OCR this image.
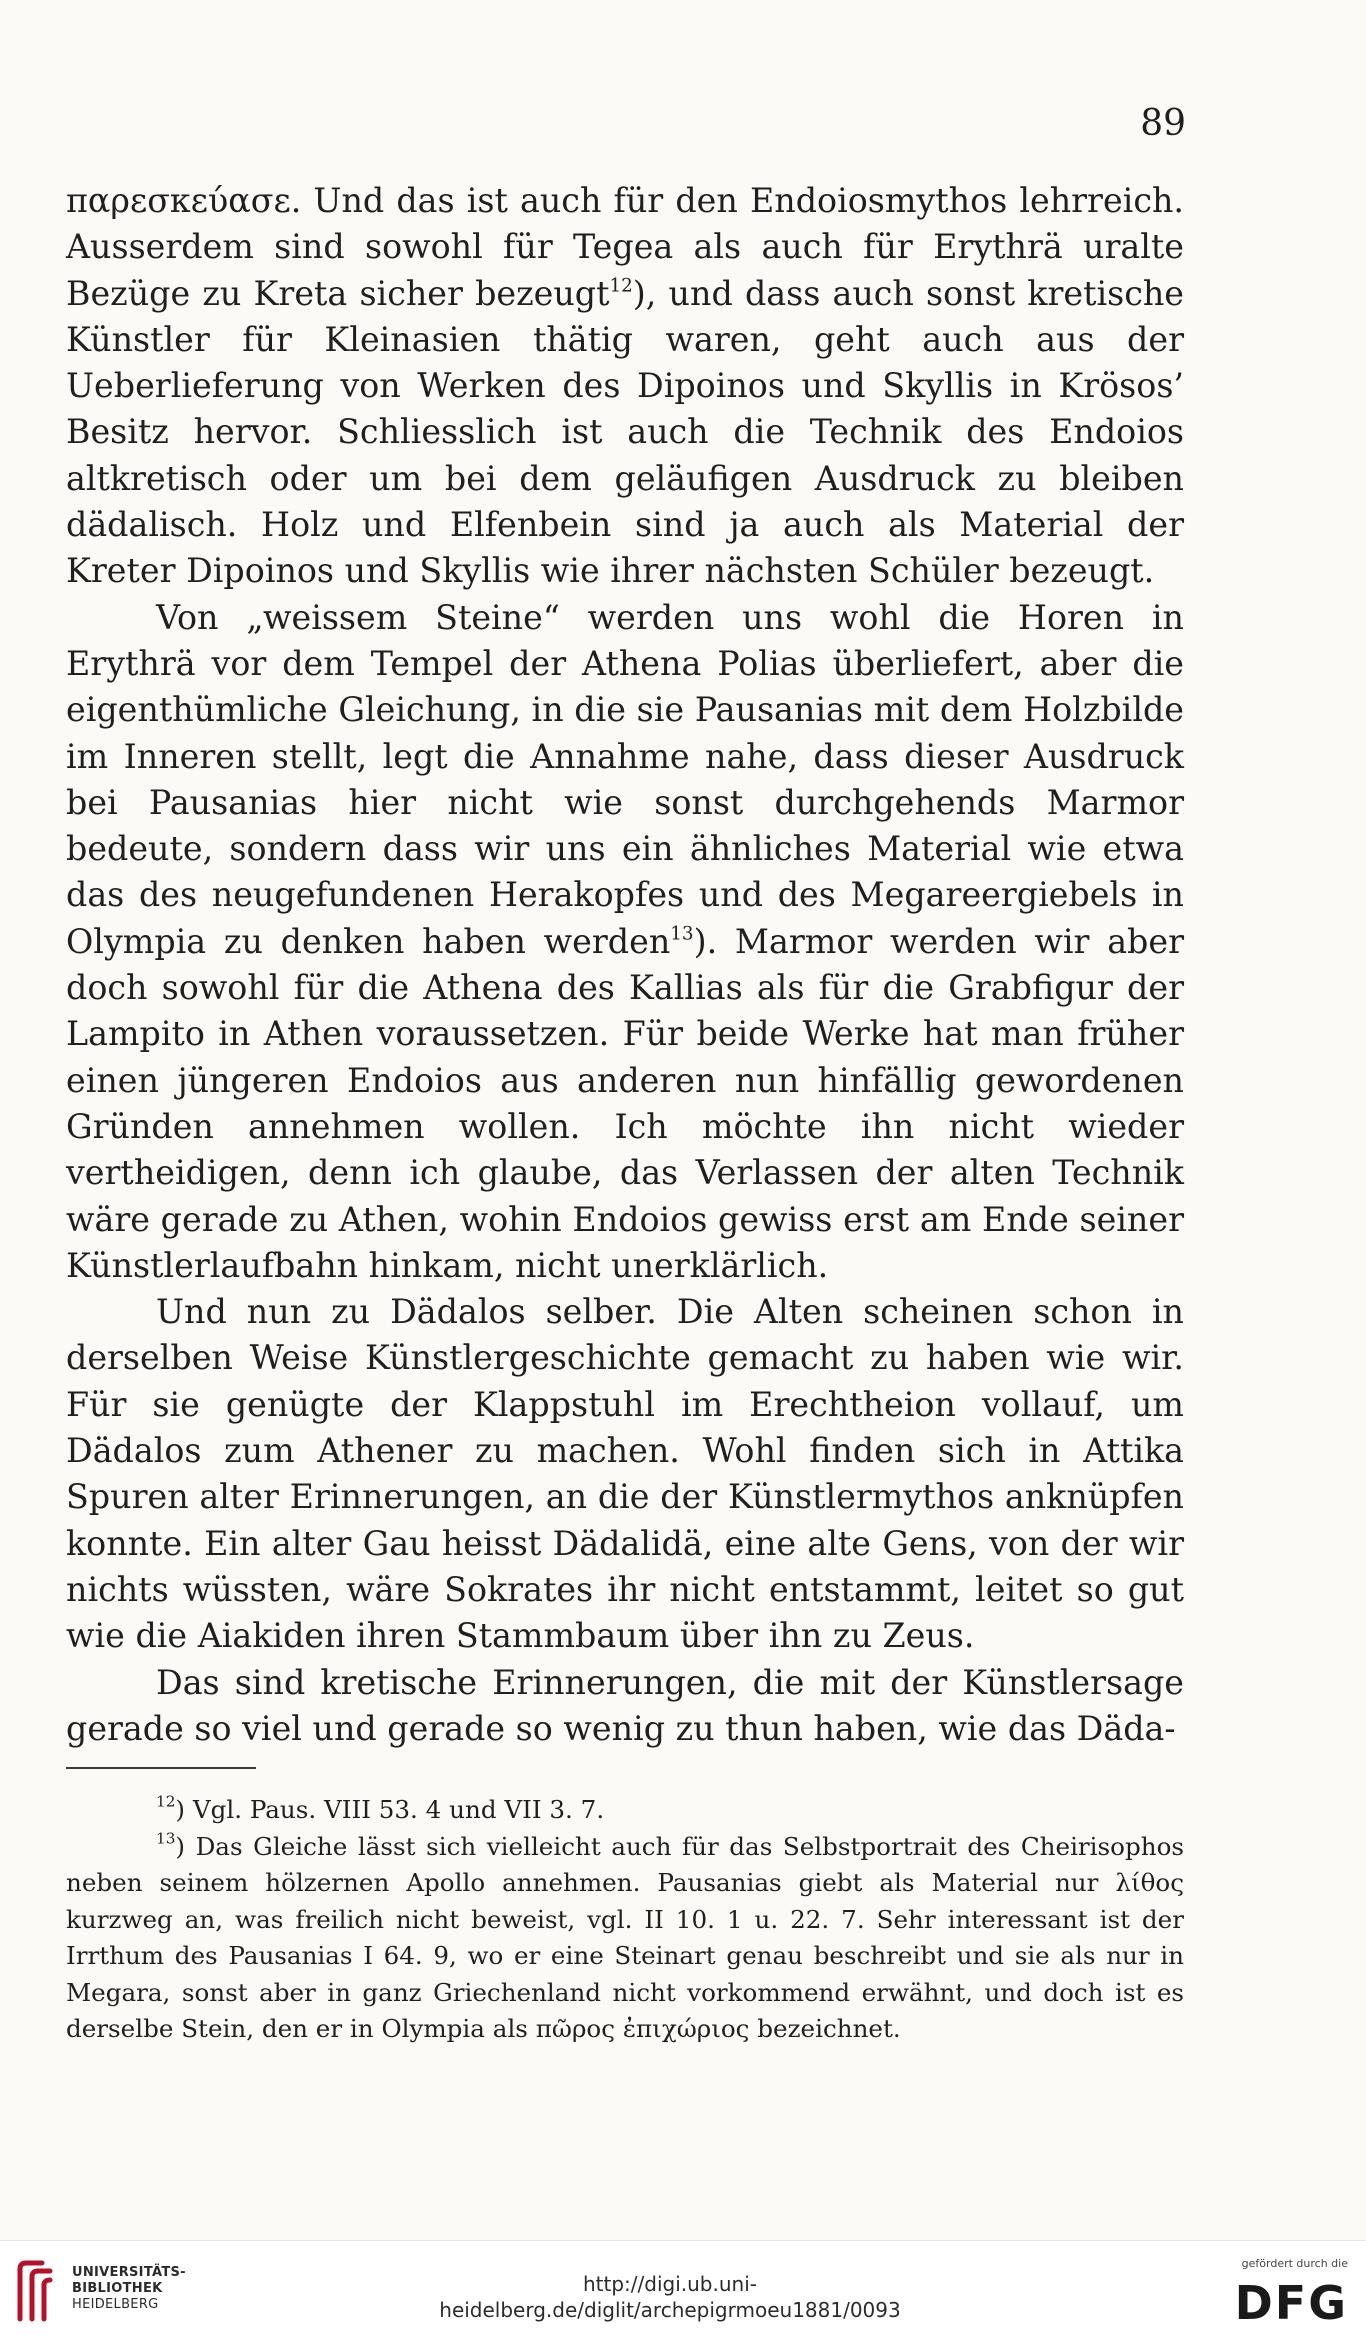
89

παρεσκεύασε. Und das ist auch für den Endoiosmythos lehrreich. Ausserdem sind sowohl für Tegea als auch für Erythrä uralte Bezüge zu Kreta sicher bezeugt$^{12}$), und dass auch sonst kretische Künstler für Kleinasien thätig waren, geht auch aus der Ueberlieferung von Werken des Dipoinos und Skyllis in Krösos’ Besitz hervor. Schliesslich ist auch die Technik des Endoios altkretisch oder um bei dem geläufigen Ausdruck zu bleiben dädalisch. Holz und Elfenbein sind ja auch als Material der Kreter Dipoinos und Skyllis wie ihrer nächsten Schüler bezeugt.

Von „weissem Steine“ werden uns wohl die Horen in Erythrä vor dem Tempel der Athena Polias überliefert, aber die eigenthümliche Gleichung, in die sie Pausanias mit dem Holzbilde im Inneren stellt, legt die Annahme nahe, dass dieser Ausdruck bei Pausanias hier nicht wie sonst durchgehends Marmor bedeute, sondern dass wir uns ein ähnliches Material wie etwa das des neugefundenen Herakopfes und des Megareergiebels in Olympia zu denken haben werden$^{13}$). Marmor werden wir aber doch sowohl für die Athena des Kallias als für die Grabfigur der Lampito in Athen voraussetzen. Für beide Werke hat man früher einen jüngeren Endoios aus anderen nun hinfällig gewordenen Gründen annehmen wollen. Ich möchte ihn nicht wieder vertheidigen, denn ich glaube, das Verlassen der alten Technik wäre gerade zu Athen, wohin Endoios gewiss erst am Ende seiner Künstlerlaufbahn hinkam, nicht unerklärlich.

Und nun zu Dädalos selber. Die Alten scheinen schon in derselben Weise Künstlergeschichte gemacht zu haben wie wir. Für sie genügte der Klappstuhl im Erechtheion vollauf, um Dädalos zum Athener zu machen. Wohl finden sich in Attika Spuren alter Erinnerungen, an die der Künstlermythos anknüpfen konnte. Ein alter Gau heisst Dädalidä, eine alte Gens, von der wir nichts wüssten, wäre Sokrates ihr nicht entstammt, leitet so gut wie die Aiakiden ihren Stammbaum über ihn zu Zeus.

Das sind kretische Erinnerungen, die mit der Künstlersage gerade so viel und gerade so wenig zu thun haben, wie das Däda-

$^{12}$) Vgl. Paus. VIII 53. 4 und VII 3. 7.

$^{13}$) Das Gleiche lässt sich vielleicht auch für das Selbstportrait des Cheirisophos neben seinem hölzernen Apollo annehmen. Pausanias giebt als Material nur λίθος kurzweg an, was freilich nicht beweist, vgl. II 10. 1 u. 22. 7. Sehr interessant ist der Irrthum des Pausanias I 64. 9, wo er eine Steinart genau beschreibt und sie als nur in Megara, sonst aber in ganz Griechenland nicht vorkommend erwähnt, und doch ist es derselbe Stein, den er in Olympia als πῶρος ἐπιχώριος bezeichnet.

UNIVERSITÄTS-
BIBLIOTHEK
HEIDELBERG
http://digi.ub.uni-heidelberg.de/diglit/archepigrmoeu1881/0093
gefördert durch die
DFG
